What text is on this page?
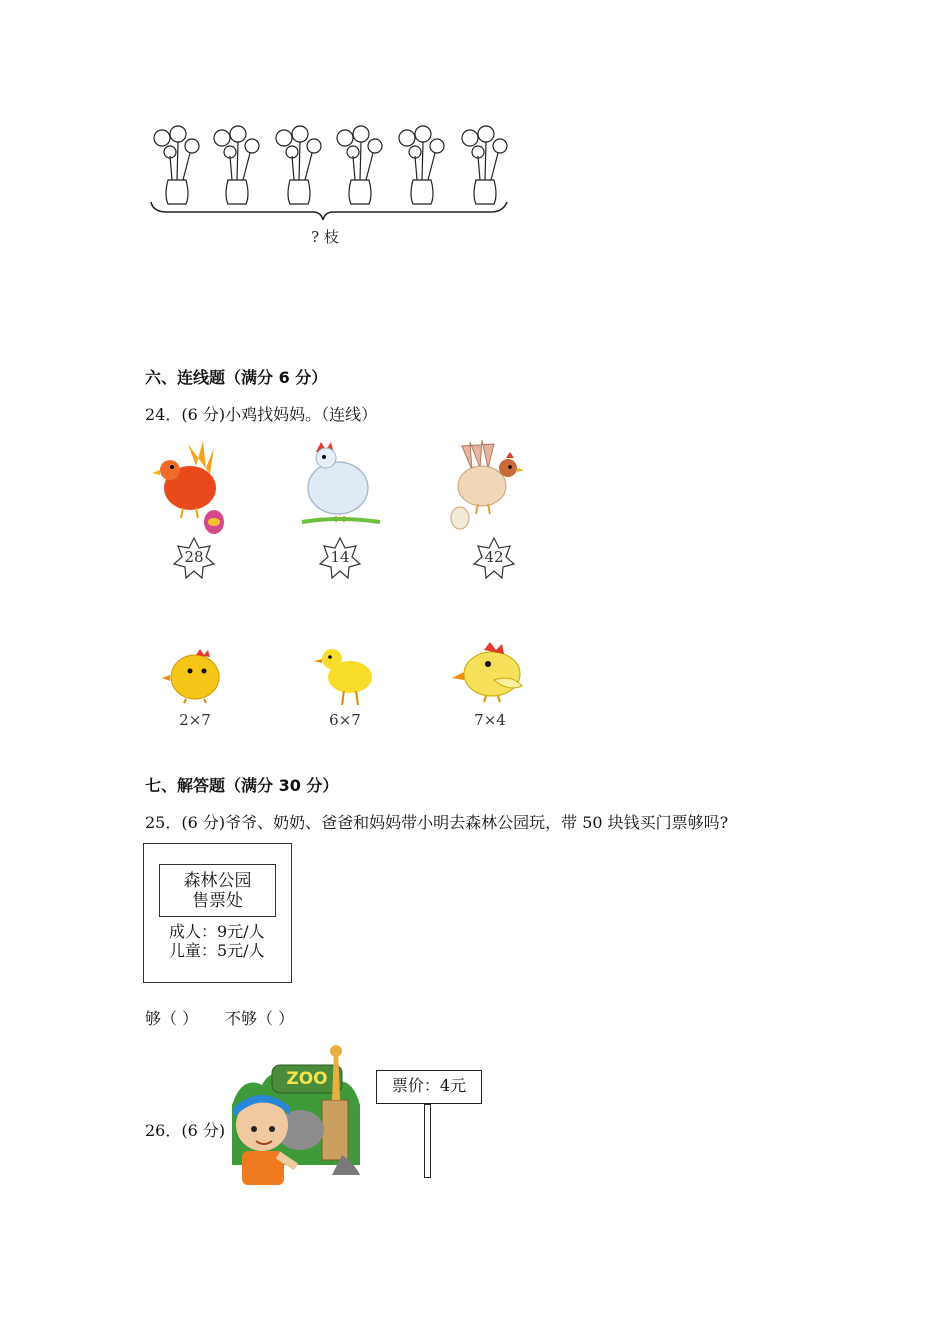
? 枝
六、连线题（满分 6 分）
24．(6 分)小鸡找妈妈。（连线）
28	14	42
2×7	6×7	7×4
七、解答题（满分 30 分）
25．(6 分)爷爷、奶奶、爸爸和妈妈带小明去森林公园玩，带 50 块钱买门票够吗?
森林公园
售票处
成人：9元/人
儿童：5元/人
够（ ） 不够（ ）
26．(6 分)
ZOO	票价：4元
